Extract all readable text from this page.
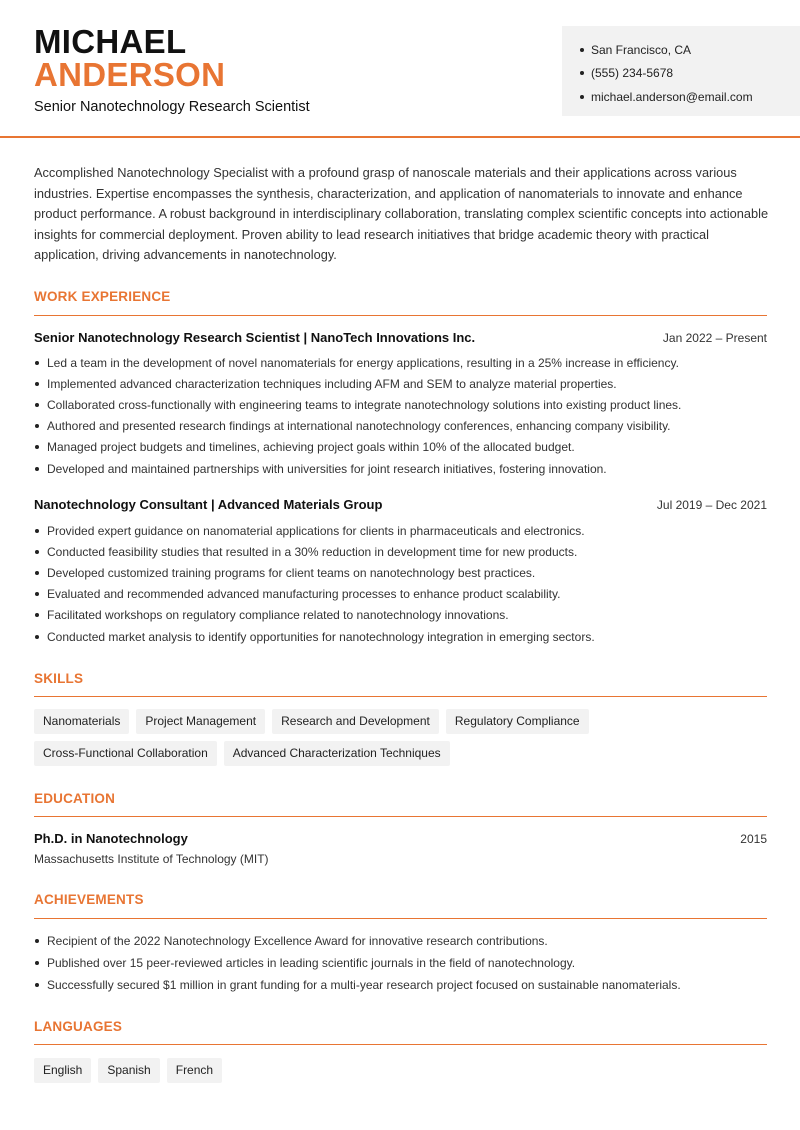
MICHAEL
ANDERSON
Senior Nanotechnology Research Scientist
San Francisco, CA
(555) 234-5678
michael.anderson@email.com
Accomplished Nanotechnology Specialist with a profound grasp of nanoscale materials and their applications across various industries. Expertise encompasses the synthesis, characterization, and application of nanomaterials to innovate and enhance product performance. A robust background in interdisciplinary collaboration, translating complex scientific concepts into actionable insights for commercial deployment. Proven ability to lead research initiatives that bridge academic theory with practical application, driving advancements in nanotechnology.
WORK EXPERIENCE
Senior Nanotechnology Research Scientist | NanoTech Innovations Inc.	Jan 2022 – Present
Led a team in the development of novel nanomaterials for energy applications, resulting in a 25% increase in efficiency.
Implemented advanced characterization techniques including AFM and SEM to analyze material properties.
Collaborated cross-functionally with engineering teams to integrate nanotechnology solutions into existing product lines.
Authored and presented research findings at international nanotechnology conferences, enhancing company visibility.
Managed project budgets and timelines, achieving project goals within 10% of the allocated budget.
Developed and maintained partnerships with universities for joint research initiatives, fostering innovation.
Nanotechnology Consultant | Advanced Materials Group	Jul 2019 – Dec 2021
Provided expert guidance on nanomaterial applications for clients in pharmaceuticals and electronics.
Conducted feasibility studies that resulted in a 30% reduction in development time for new products.
Developed customized training programs for client teams on nanotechnology best practices.
Evaluated and recommended advanced manufacturing processes to enhance product scalability.
Facilitated workshops on regulatory compliance related to nanotechnology innovations.
Conducted market analysis to identify opportunities for nanotechnology integration in emerging sectors.
SKILLS
Nanomaterials	Project Management	Research and Development	Regulatory Compliance
Cross-Functional Collaboration	Advanced Characterization Techniques
EDUCATION
Ph.D. in Nanotechnology	2015
Massachusetts Institute of Technology (MIT)
ACHIEVEMENTS
Recipient of the 2022 Nanotechnology Excellence Award for innovative research contributions.
Published over 15 peer-reviewed articles in leading scientific journals in the field of nanotechnology.
Successfully secured $1 million in grant funding for a multi-year research project focused on sustainable nanomaterials.
LANGUAGES
English	Spanish	French
